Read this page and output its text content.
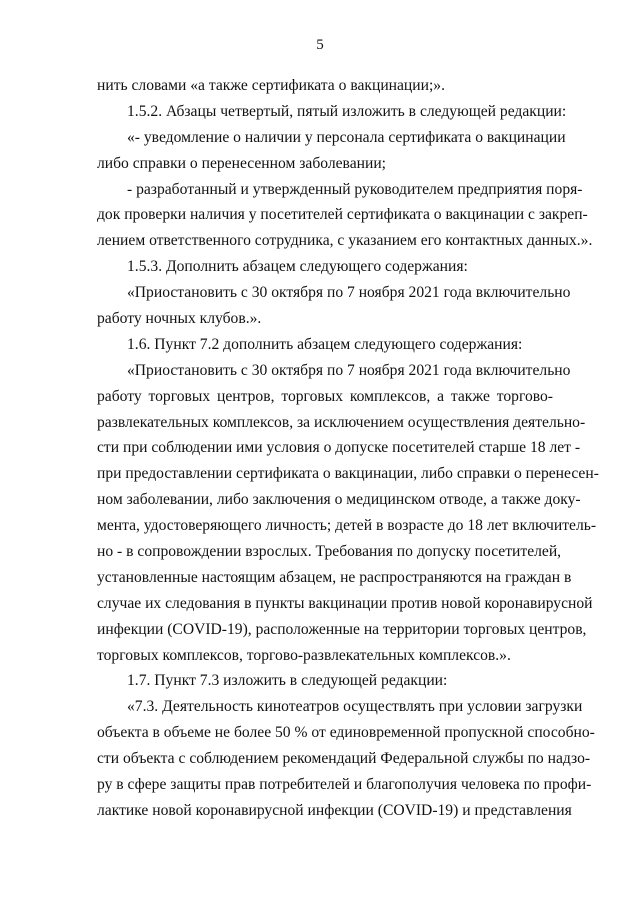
5
нить словами «а также сертификата о вакцинации;».
1.5.2. Абзацы четвертый, пятый изложить в следующей редакции:
«- уведомление о наличии у персонала сертификата о вакцинации
либо справки о перенесенном заболевании;
- разработанный и утвержденный руководителем предприятия поря-
док проверки наличия у посетителей сертификата о вакцинации с закреп-
лением ответственного сотрудника, с указанием его контактных данных.».
1.5.3. Дополнить абзацем следующего содержания:
«Приостановить с 30 октября по 7 ноября 2021 года включительно
работу ночных клубов.».
1.6. Пункт 7.2 дополнить абзацем следующего содержания:
«Приостановить с 30 октября по 7 ноября 2021 года включительно
работу торговых центров, торговых комплексов, а также торгово-
развлекательных комплексов, за исключением осуществления деятельно-
сти при соблюдении ими условия о допуске посетителей старше 18 лет -
при предоставлении сертификата о вакцинации, либо справки о перенесен-
ном заболевании, либо заключения о медицинском отводе, а также доку-
мента, удостоверяющего личность; детей в возрасте до 18 лет включитель-
но - в сопровождении взрослых. Требования по допуску посетителей,
установленные настоящим абзацем, не распространяются на граждан в
случае их следования в пункты вакцинации против новой коронавирусной
инфекции (COVID-19), расположенные на территории торговых центров,
торговых комплексов, торгово-развлекательных комплексов.».
1.7. Пункт 7.3 изложить в следующей редакции:
«7.3. Деятельность кинотеатров осуществлять при условии загрузки
объекта в объеме не более 50 % от единовременной пропускной способно-
сти объекта с соблюдением рекомендаций Федеральной службы по надзо-
ру в сфере защиты прав потребителей и благополучия человека по профи-
лактике новой коронавирусной инфекции (COVID-19) и представления
